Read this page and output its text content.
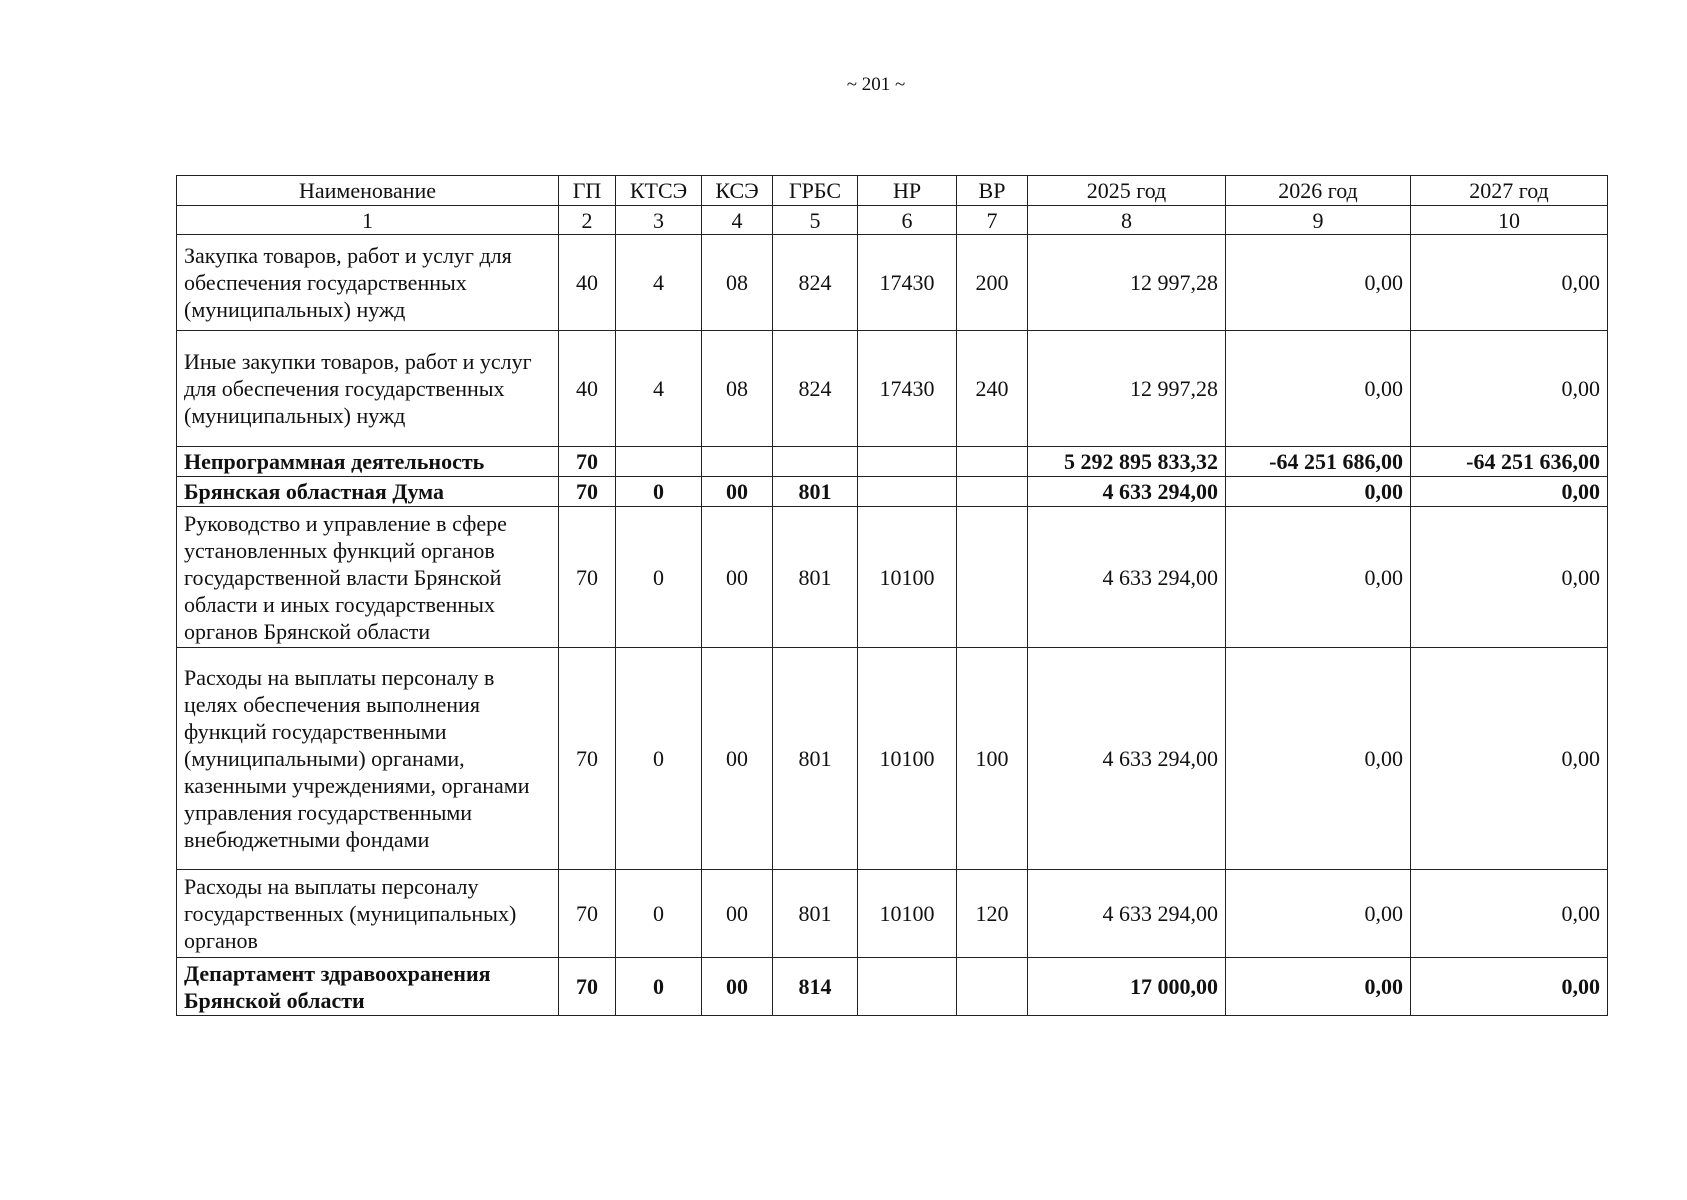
~ 201 ~
Наименование	ГП	КТСЭ	КСЭ	ГРБС	НР	ВР	2025 год	2026 год	2027 год
1	2	3	4	5	6	7	8	9	10
Закупка товаров, работ и услуг для обеспечения государственных (муниципальных) нужд	40	4	08	824	17430	200	12 997,28	0,00	0,00
Иные закупки товаров, работ и услуг для обеспечения государственных (муниципальных) нужд	40	4	08	824	17430	240	12 997,28	0,00	0,00
Непрограммная деятельность	70						5 292 895 833,32	-64 251 686,00	-64 251 636,00
Брянская областная Дума	70	0	00	801			4 633 294,00	0,00	0,00
Руководство и управление в сфере установленных функций органов государственной власти Брянской области и иных государственных органов Брянской области	70	0	00	801	10100		4 633 294,00	0,00	0,00
Расходы на выплаты персоналу в целях обеспечения выполнения функций государственными (муниципальными) органами, казенными учреждениями, органами управления государственными внебюджетными фондами	70	0	00	801	10100	100	4 633 294,00	0,00	0,00
Расходы на выплаты персоналу государственных (муниципальных) органов	70	0	00	801	10100	120	4 633 294,00	0,00	0,00
Департамент здравоохранения Брянской области	70	0	00	814			17 000,00	0,00	0,00
